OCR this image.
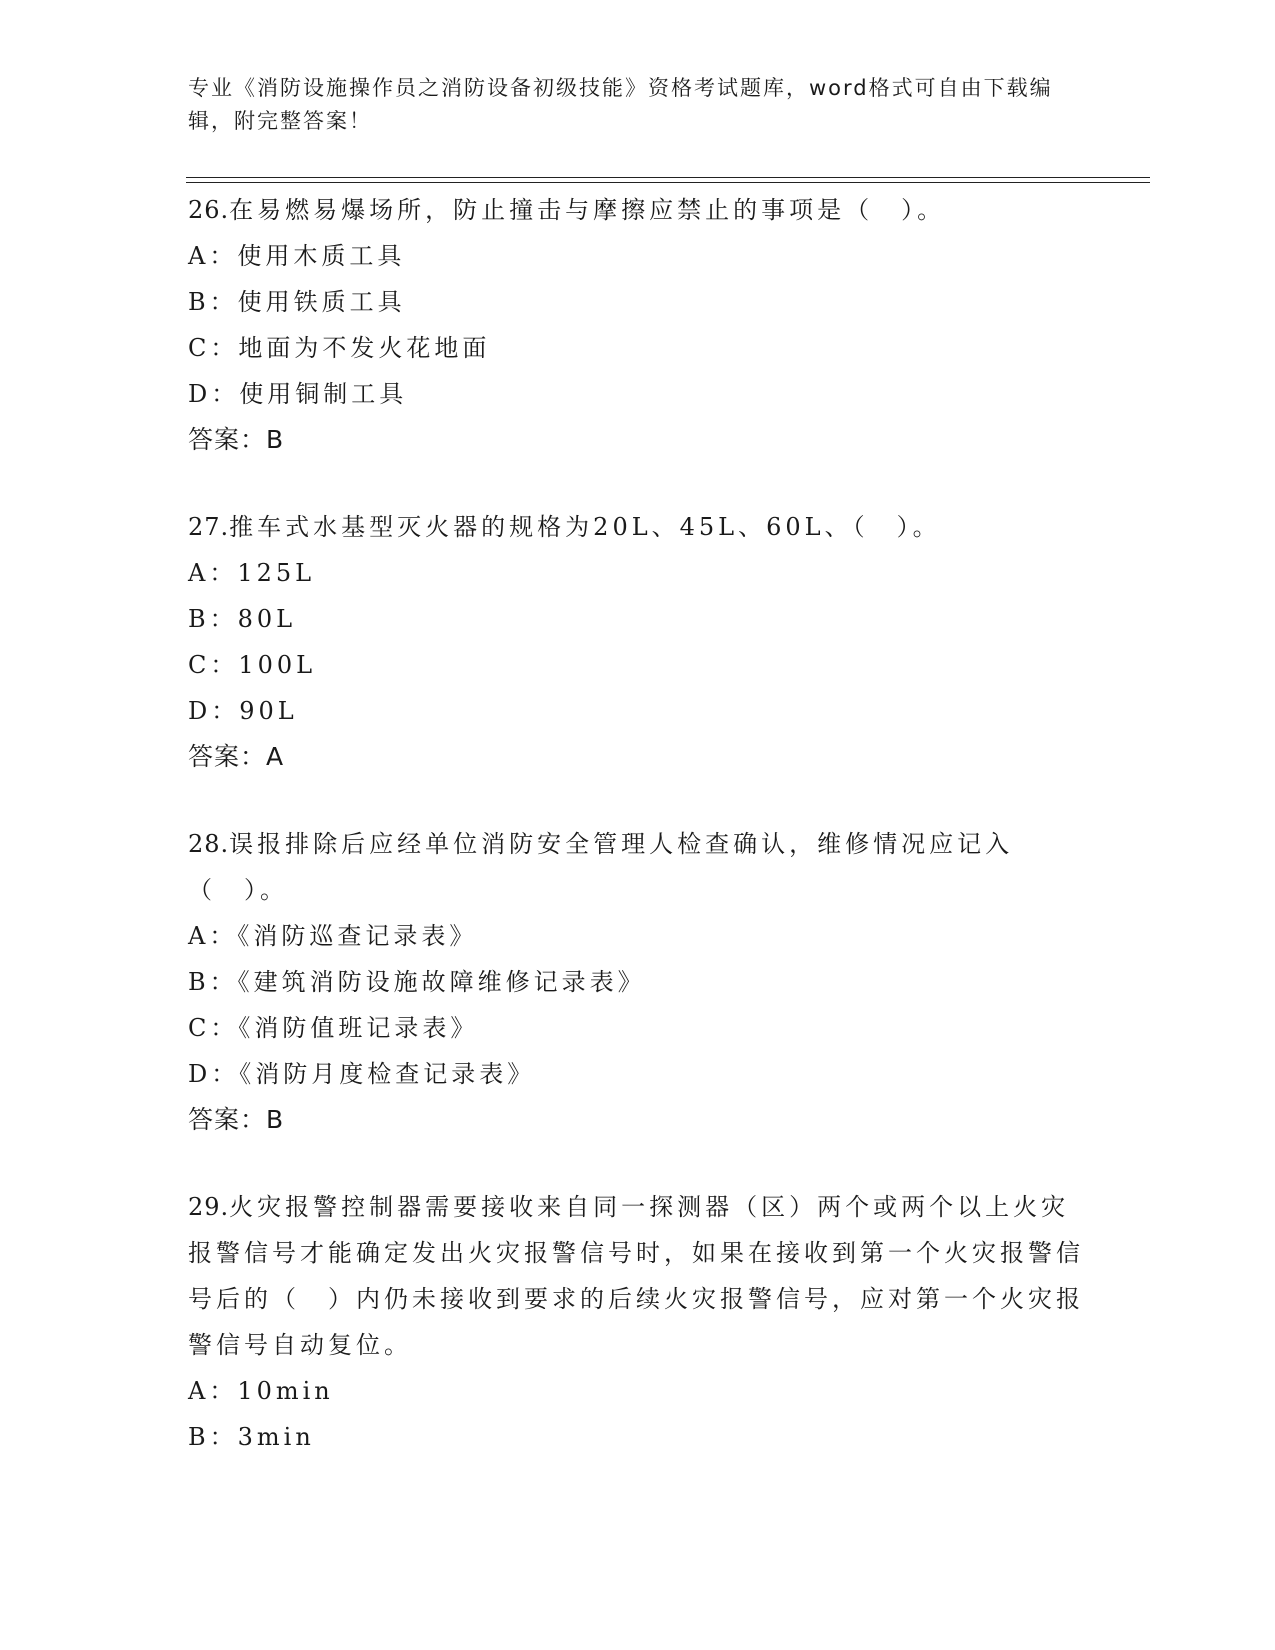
专业《消防设施操作员之消防设备初级技能》资格考试题库，word格式可自由下载编辑，附完整答案！
26.在易燃易爆场所，防止撞击与摩擦应禁止的事项是（　）。
A：使用木质工具
B：使用铁质工具
C：地面为不发火花地面
D：使用铜制工具
答案：B
27.推车式水基型灭火器的规格为20L、45L、60L、（　）。
A：125L
B：80L
C：100L
D：90L
答案：A
28.误报排除后应经单位消防安全管理人检查确认，维修情况应记入（　）。
A：《消防巡查记录表》
B：《建筑消防设施故障维修记录表》
C：《消防值班记录表》
D：《消防月度检查记录表》
答案：B
29.火灾报警控制器需要接收来自同一探测器（区）两个或两个以上火灾报警信号才能确定发出火灾报警信号时，如果在接收到第一个火灾报警信号后的（　）内仍未接收到要求的后续火灾报警信号，应对第一个火灾报警信号自动复位。
A：10min
B：3min
